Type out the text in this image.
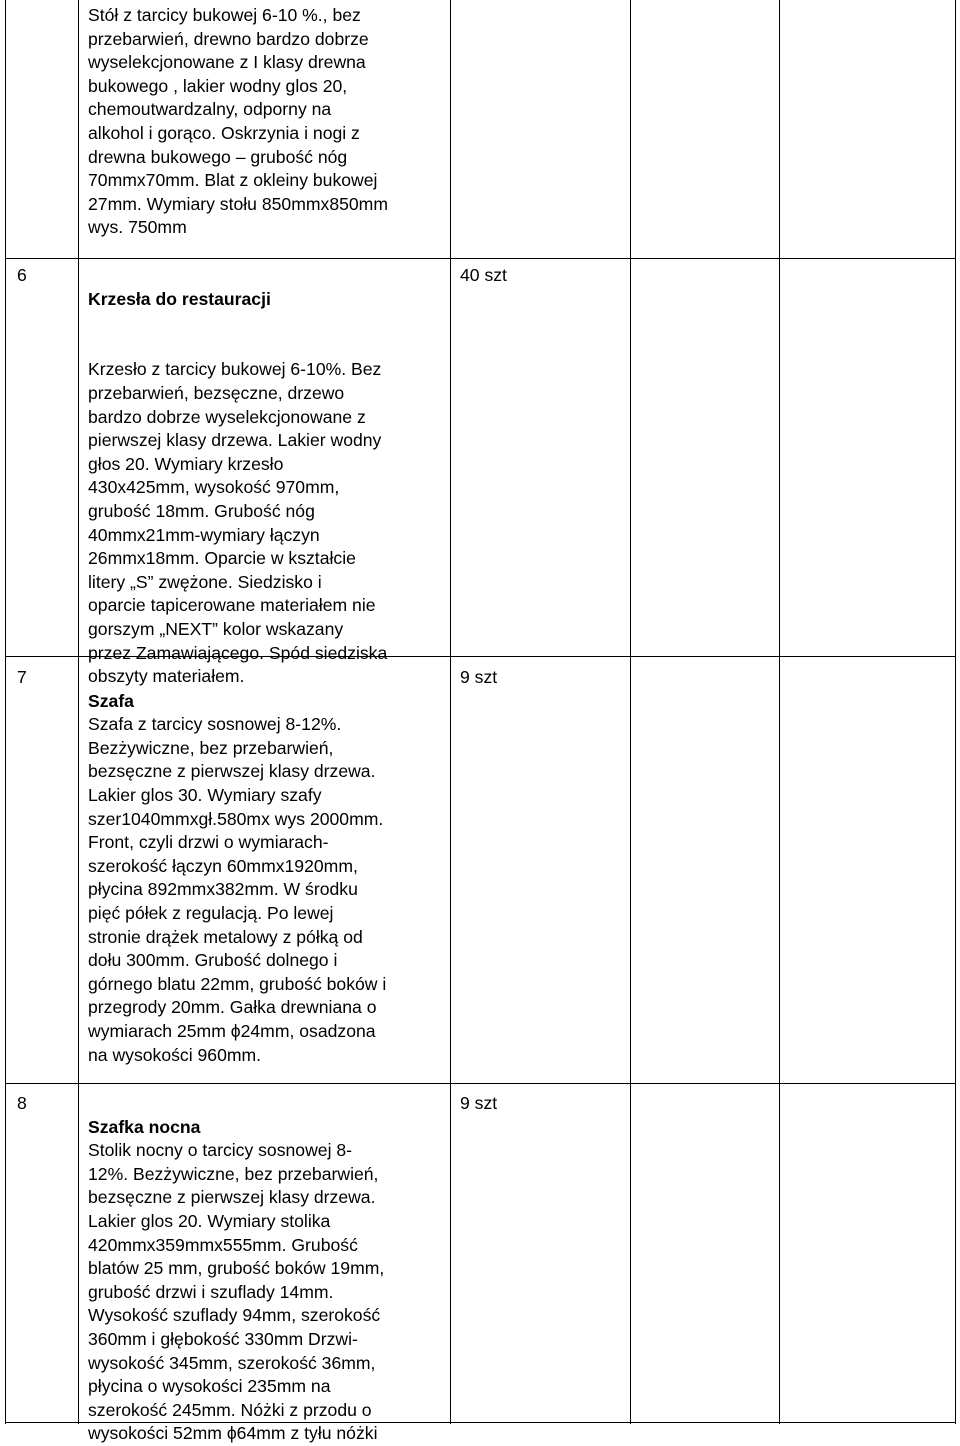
Stół z tarcicy bukowej 6-10 %., bez
przebarwień, drewno bardzo dobrze
wyselekcjonowane z I klasy drewna
bukowego , lakier wodny glos 20,
chemoutwardzalny, odporny na
alkohol i gorąco. Oskrzynia i nogi z
drewna bukowego – grubość nóg
70mmx70mm. Blat z okleiny bukowej
27mm. Wymiary stołu 850mmx850mm
wys. 750mm
6

Krzesła do restauracji
Krzesło z tarcicy bukowej 6-10%. Bez
przebarwień, bezsęczne, drzewo
bardzo dobrze wyselekcjonowane z
pierwszej klasy drzewa. Lakier wodny
głos 20. Wymiary krzesło
430x425mm, wysokość 970mm,
grubość 18mm. Grubość nóg
40mmx21mm-wymiary łączyn
26mmx18mm. Oparcie w kształcie
litery „S” zwężone. Siedzisko i
oparcie tapicerowane materiałem nie
gorszym „NEXT” kolor wskazany
przez Zamawiającego. Spód siedziska
obszyty materiałem.

40 szt
7

Szafa
Szafa z tarcicy sosnowej 8-12%.
Bezżywiczne, bez przebarwień,
bezsęczne z pierwszej klasy drzewa.
Lakier glos 30. Wymiary szafy
szer1040mmxgł.580mx wys 2000mm.
Front, czyli drzwi o wymiarach-
szerokość łączyn 60mmx1920mm,
płycina 892mmx382mm. W środku
pięć półek z regulacją. Po lewej
stronie drążek metalowy z półką od
dołu 300mm. Grubość dolnego i
górnego blatu 22mm, grubość boków i
przegrody 20mm. Gałka drewniana o
wymiarach 25mm ϕ24mm, osadzona
na wysokości 960mm.

9 szt
8

Szafka nocna
Stolik nocny o tarcicy sosnowej 8-
12%. Bezżywiczne, bez przebarwień,
bezsęczne z pierwszej klasy drzewa.
Lakier glos 20. Wymiary stolika
420mmx359mmx555mm. Grubość
blatów 25 mm, grubość boków 19mm,
grubość drzwi i szuflady 14mm.
Wysokość szuflady 94mm, szerokość
360mm i głębokość 330mm Drzwi-
wysokość 345mm, szerokość 36mm,
płycina o wysokości 235mm na
szerokość 245mm. Nóżki z przodu o
wysokości 52mm ϕ64mm z tyłu nóżki

9 szt
